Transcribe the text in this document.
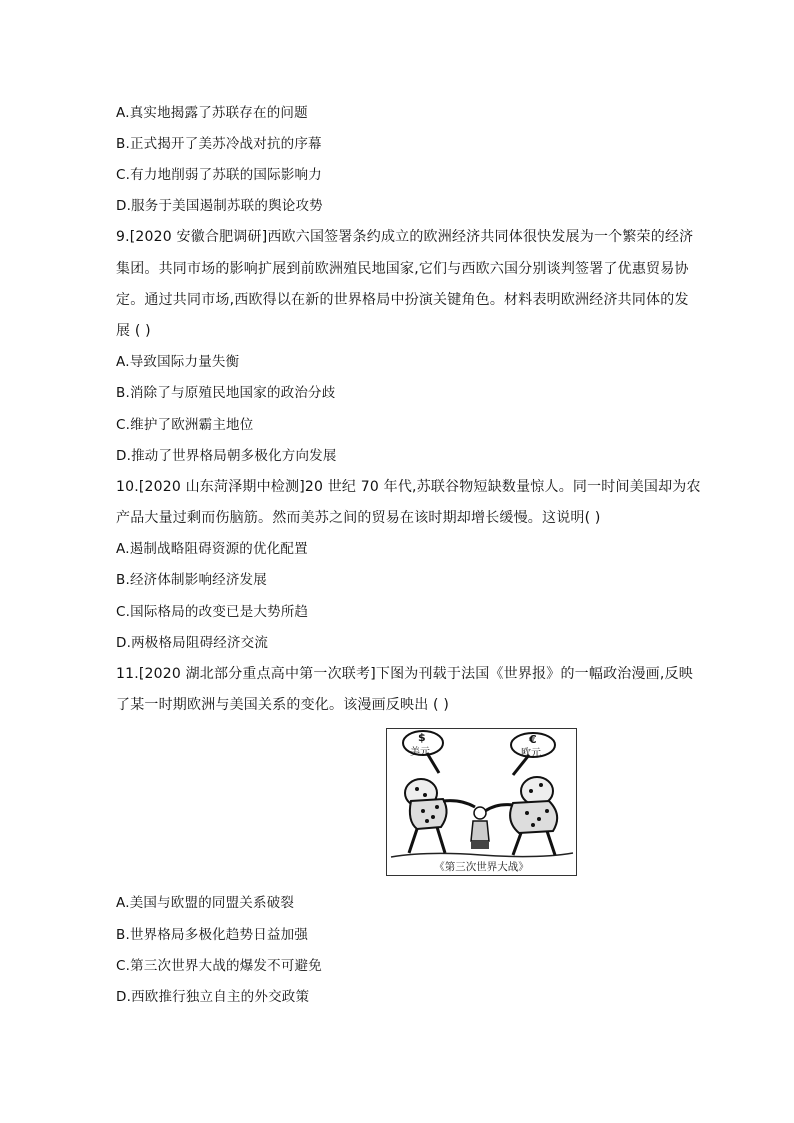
A.真实地揭露了苏联存在的问题
B.正式揭开了美苏冷战对抗的序幕
C.有力地削弱了苏联的国际影响力
D.服务于美国遏制苏联的舆论攻势
9.[2020 安徽合肥调研]西欧六国签署条约成立的欧洲经济共同体很快发展为一个繁荣的经济
集团。共同市场的影响扩展到前欧洲殖民地国家,它们与西欧六国分别谈判签署了优惠贸易协
定。通过共同市场,西欧得以在新的世界格局中扮演关键角色。材料表明欧洲经济共同体的发
展 ( )
A.导致国际力量失衡
B.消除了与原殖民地国家的政治分歧
C.维护了欧洲霸主地位
D.推动了世界格局朝多极化方向发展
10.[2020 山东菏泽期中检测]20 世纪 70 年代,苏联谷物短缺数量惊人。同一时间美国却为农
产品大量过剩而伤脑筋。然而美苏之间的贸易在该时期却增长缓慢。这说明( )
A.遏制战略阻碍资源的优化配置
B.经济体制影响经济发展
C.国际格局的改变已是大势所趋
D.两极格局阻碍经济交流
11.[2020 湖北部分重点高中第一次联考]下图为刊载于法国《世界报》的一幅政治漫画,反映
了某一时期欧洲与美国关系的变化。该漫画反映出 ( )
$
美元
€
欧元
《第三次世界大战》
A.美国与欧盟的同盟关系破裂
B.世界格局多极化趋势日益加强
C.第三次世界大战的爆发不可避免
D.西欧推行独立自主的外交政策
